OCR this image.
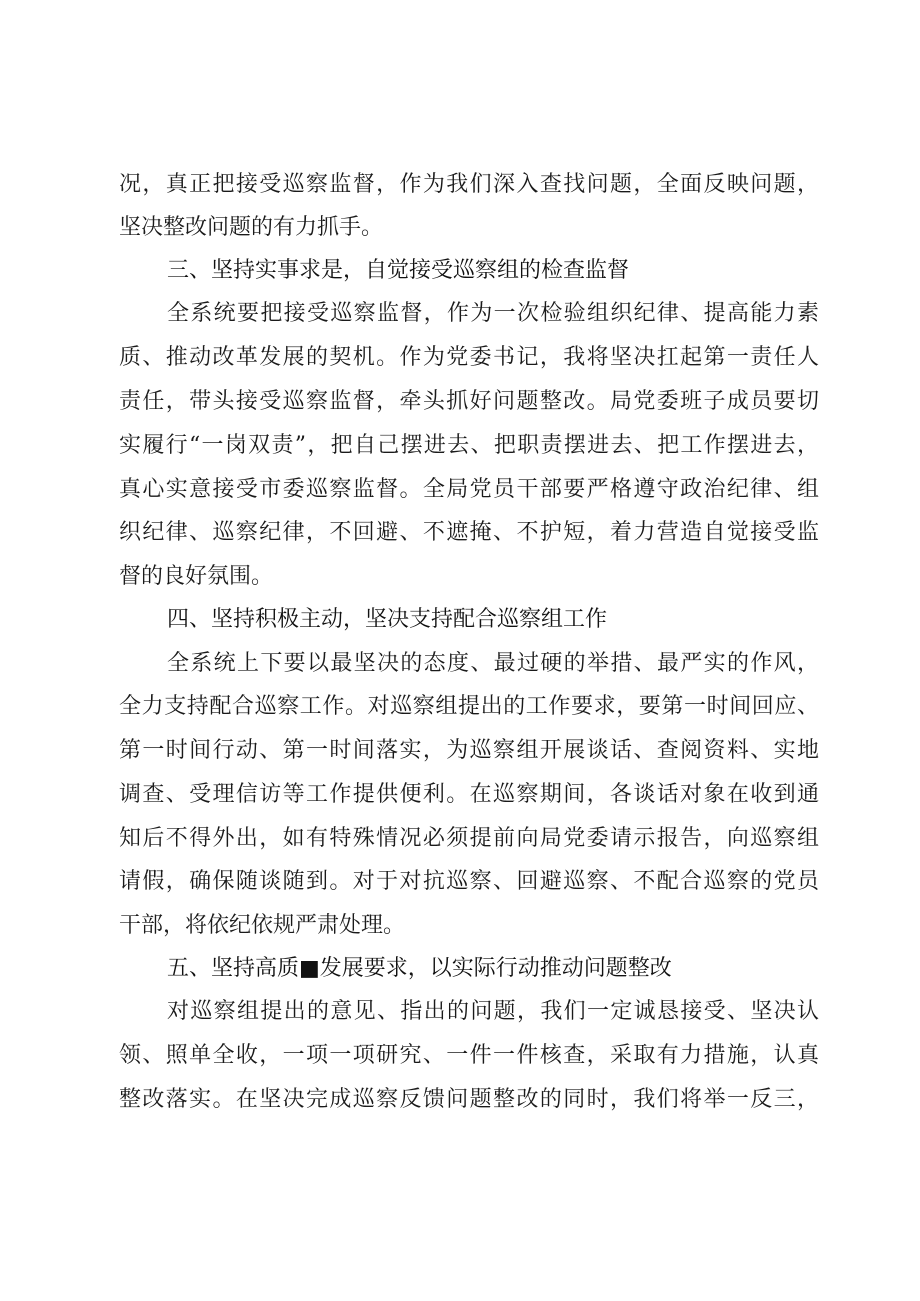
况，真正把接受巡察监督，作为我们深入查找问题，全面反映问题，
坚决整改问题的有力抓手。
三、坚持实事求是，自觉接受巡察组的检查监督
全系统要把接受巡察监督，作为一次检验组织纪律、提高能力素
质、推动改革发展的契机。作为党委书记，我将坚决扛起第一责任人
责任，带头接受巡察监督，牵头抓好问题整改。局党委班子成员要切
实履行“一岗双责”，把自己摆进去、把职责摆进去、把工作摆进去，
真心实意接受市委巡察监督。全局党员干部要严格遵守政治纪律、组
织纪律、巡察纪律，不回避、不遮掩、不护短，着力营造自觉接受监
督的良好氛围。
四、坚持积极主动，坚决支持配合巡察组工作
全系统上下要以最坚决的态度、最过硬的举措、最严实的作风，
全力支持配合巡察工作。对巡察组提出的工作要求，要第一时间回应、
第一时间行动、第一时间落实，为巡察组开展谈话、查阅资料、实地
调查、受理信访等工作提供便利。在巡察期间，各谈话对象在收到通
知后不得外出，如有特殊情况必须提前向局党委请示报告，向巡察组
请假，确保随谈随到。对于对抗巡察、回避巡察、不配合巡察的党员
干部，将依纪依规严肃处理。
五、坚持高质■发展要求，以实际行动推动问题整改
对巡察组提出的意见、指出的问题，我们一定诚恳接受、坚决认
领、照单全收，一项一项研究、一件一件核查，采取有力措施，认真
整改落实。在坚决完成巡察反馈问题整改的同时，我们将举一反三，
